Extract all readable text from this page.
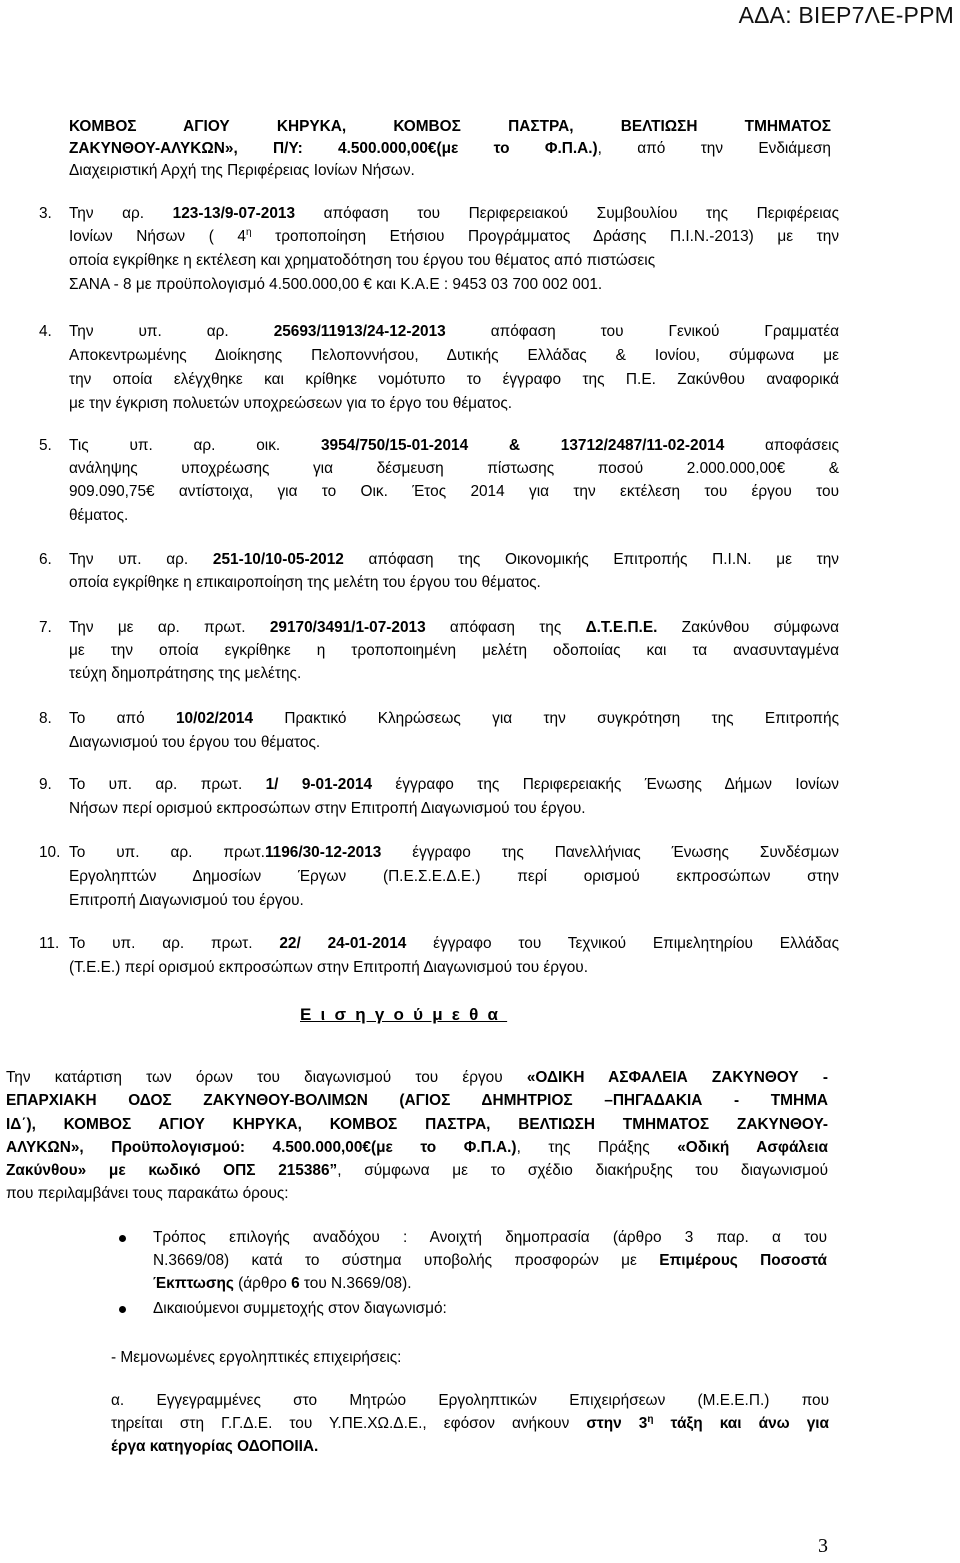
ΑΔΑ: ΒΙΕΡ7ΛΕ-ΡΡΜ
ΚΟΜΒΟΣ ΑΓΙΟΥ ΚΗΡΥΚΑ, ΚΟΜΒΟΣ ΠΑΣΤΡΑ, ΒΕΛΤΙΩΣΗ ΤΜΗΜΑΤΟΣ
ΖΑΚΥΝΘΟΥ-ΑΛΥΚΩΝ», Π/Υ: 4.500.000,00€(με το Φ.Π.Α.), από την Ενδιάμεση
Διαχειριστική Αρχή της Περιφέρειας Ιονίων Νήσων.
3. Την αρ. 123-13/9-07-2013 απόφαση του Περιφερειακού Συμβουλίου της Περιφέρειας
Ιονίων Νήσων ( $4^\eta$ τροποποίηση Ετήσιου Προγράμματος Δράσης Π.Ι.Ν.-2013) με την
οποία εγκρίθηκε η εκτέλεση και χρηματοδότηση του έργου του θέματος από πιστώσεις
ΣΑΝΑ - 8 με προϋπολογισμό 4.500.000,00 € και Κ.Α.Ε : 9453 03 700 002 001.
4. Την υπ. αρ. 25693/11913/24-12-2013 απόφαση του Γενικού Γραμματέα
Αποκεντρωμένης Διοίκησης Πελοποννήσου, Δυτικής Ελλάδας & Ιονίου, σύμφωνα με
την οποία ελέγχθηκε και κρίθηκε νομότυπο το έγγραφο της Π.Ε. Ζακύνθου αναφορικά
με την έγκριση πολυετών υποχρεώσεων για το έργο του θέματος.
5. Τις υπ. αρ. οικ. 3954/750/15-01-2014 & 13712/2487/11-02-2014 αποφάσεις
ανάληψης υποχρέωσης για δέσμευση πίστωσης ποσού 2.000.000,00€ &
909.090,75€ αντίστοιχα, για το Οικ. Έτος 2014 για την εκτέλεση του έργου του
θέματος.
6. Την υπ. αρ. 251-10/10-05-2012 απόφαση της Οικονομικής Επιτροπής Π.Ι.Ν. με την
οποία εγκρίθηκε η επικαιροποίηση της μελέτη του έργου του θέματος.
7. Την με αρ. πρωτ. 29170/3491/1-07-2013 απόφαση της Δ.Τ.Ε.Π.Ε. Ζακύνθου σύμφωνα
με την οποία εγκρίθηκε η τροποποιημένη μελέτη οδοποιίας και τα ανασυνταγμένα
τεύχη δημοπράτησης της μελέτης.
8. Το από 10/02/2014 Πρακτικό Κληρώσεως για την συγκρότηση της Επιτροπής
Διαγωνισμού του έργου του θέματος.
9. Το υπ. αρ. πρωτ. 1/ 9-01-2014 έγγραφο της Περιφερειακής Ένωσης Δήμων Ιονίων
Νήσων περί ορισμού εκπροσώπων στην Επιτροπή Διαγωνισμού του έργου.
10. Το υπ. αρ. πρωτ.1196/30-12-2013 έγγραφο της Πανελλήνιας Ένωσης Συνδέσμων
Εργοληπτών Δημοσίων Έργων (Π.Ε.Σ.Ε.Δ.Ε.) περί ορισμού εκπροσώπων στην
Επιτροπή Διαγωνισμού του έργου.
11. Το υπ. αρ. πρωτ. 22/ 24-01-2014 έγγραφο του Τεχνικού Επιμελητηρίου Ελλάδας
(Τ.Ε.Ε.) περί ορισμού εκπροσώπων στην Επιτροπή Διαγωνισμού του έργου.
Εισηγούμεθα
Την κατάρτιση των όρων του διαγωνισμού του έργου «ΟΔΙΚΗ ΑΣΦΑΛΕΙΑ ΖΑΚΥΝΘΟΥ -
ΕΠΑΡΧΙΑΚΗ ΟΔΟΣ ΖΑΚΥΝΘΟΥ-ΒΟΛΙΜΩΝ (ΑΓΙΟΣ ΔΗΜΗΤΡΙΟΣ –ΠΗΓΑΔΑΚΙΑ - ΤΜΗΜΑ
ΙΔ΄), ΚΟΜΒΟΣ ΑΓΙΟΥ ΚΗΡΥΚΑ, ΚΟΜΒΟΣ ΠΑΣΤΡΑ, ΒΕΛΤΙΩΣΗ ΤΜΗΜΑΤΟΣ ΖΑΚΥΝΘΟΥ-
ΑΛΥΚΩΝ», Προϋπολογισμού: 4.500.000,00€(με το Φ.Π.Α.), της Πράξης «Οδική Ασφάλεια
Ζακύνθου» με κωδικό ΟΠΣ 215386”, σύμφωνα με το σχέδιο διακήρυξης του διαγωνισμού
που περιλαμβάνει τους παρακάτω όρους:
Τρόπος επιλογής αναδόχου : Ανοιχτή δημοπρασία (άρθρο 3 παρ. α του
Ν.3669/08) κατά το σύστημα υποβολής προσφορών με Επιμέρους Ποσοστά
Έκπτωσης (άρθρο 6 του Ν.3669/08).
Δικαιούμενοι συμμετοχής στον διαγωνισμό:
- Μεμονωμένες εργοληπτικές επιχειρήσεις:
α. Εγγεγραμμένες στο Μητρώο Εργοληπτικών Επιχειρήσεων (Μ.Ε.Ε.Π.) που
τηρείται στη Γ.Γ.Δ.Ε. του Υ.ΠΕ.ΧΩ.Δ.Ε., εφόσον ανήκουν στην $3^\eta$ τάξη και άνω για
έργα κατηγορίας ΟΔΟΠΟΙΙΑ.
3
